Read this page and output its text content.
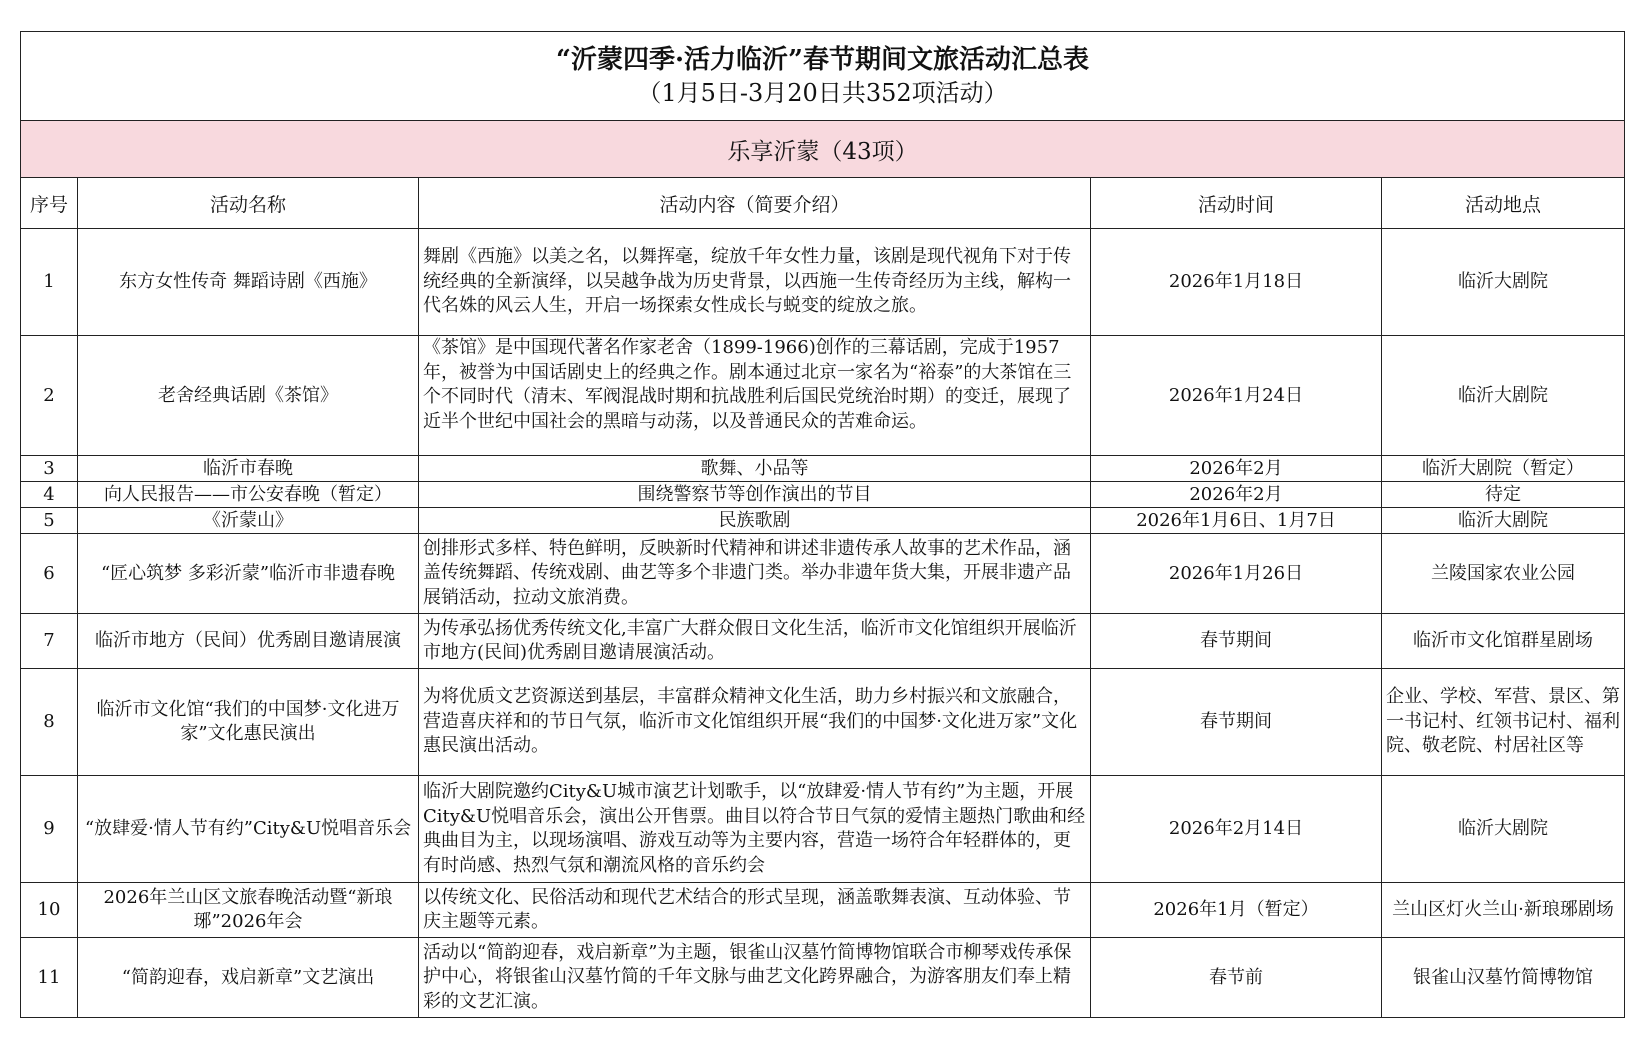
“沂蒙四季·活力临沂”春节期间文旅活动汇总表
（1月5日-3月20日共352项活动）				

乐享沂蒙（43项）				
序号	活动名称	活动内容（简要介绍）	活动时间	活动地点
1	东方女性传奇 舞蹈诗剧《西施》	舞剧《西施》以美之名，以舞挥毫，绽放千年女性力量，该剧是现代视角下对于传统经典的全新演绎，以吴越争战为历史背景，以西施一生传奇经历为主线，解构一代名姝的风云人生，开启一场探索女性成长与蜕变的绽放之旅。	2026年1月18日	临沂大剧院
2	老舍经典话剧《茶馆》	《茶馆》是中国现代著名作家老舍（1899-1966)创作的三幕话剧，完成于1957年，被誉为中国话剧史上的经典之作。剧本通过北京一家名为“裕泰”的大茶馆在三个不同时代（清末、军阀混战时期和抗战胜利后国民党统治时期）的变迁，展现了近半个世纪中国社会的黑暗与动荡，以及普通民众的苦难命运。	2026年1月24日	临沂大剧院
3	临沂市春晚	歌舞、小品等	2026年2月	临沂大剧院（暂定）
4	向人民报告——市公安春晚（暂定）	围绕警察节等创作演出的节目	2026年2月	待定
5	《沂蒙山》	民族歌剧	2026年1月6日、1月7日	临沂大剧院
6	“匠心筑梦 多彩沂蒙”临沂市非遗春晚	创排形式多样、特色鲜明，反映新时代精神和讲述非遗传承人故事的艺术作品，涵盖传统舞蹈、传统戏剧、曲艺等多个非遗门类。举办非遗年货大集，开展非遗产品展销活动，拉动文旅消费。	2026年1月26日	兰陵国家农业公园
7	临沂市地方（民间）优秀剧目邀请展演	为传承弘扬优秀传统文化,丰富广大群众假日文化生活，临沂市文化馆组织开展临沂市地方(民间)优秀剧目邀请展演活动。	春节期间	临沂市文化馆群星剧场
8	临沂市文化馆“我们的中国梦·文化进万家”文化惠民演出	为将优质文艺资源送到基层，丰富群众精神文化生活，助力乡村振兴和文旅融合，营造喜庆祥和的节日气氛，临沂市文化馆组织开展“我们的中国梦·文化进万家”文化惠民演出活动。	春节期间	企业、学校、军营、景区、第一书记村、红领书记村、福利院、敬老院、村居社区等
9	“放肆爱·情人节有约”City&U悦唱音乐会	临沂大剧院邀约City&U城市演艺计划歌手，以“放肆爱·情人节有约”为主题，开展City&U悦唱音乐会，演出公开售票。曲目以符合节日气氛的爱情主题热门歌曲和经典曲目为主，以现场演唱、游戏互动等为主要内容，营造一场符合年轻群体的，更有时尚感、热烈气氛和潮流风格的音乐约会	2026年2月14日	临沂大剧院
10	2026年兰山区文旅春晚活动暨“新琅琊”2026年会	以传统文化、民俗活动和现代艺术结合的形式呈现，涵盖歌舞表演、互动体验、节庆主题等元素。	2026年1月（暂定）	兰山区灯火兰山·新琅琊剧场
11	“简韵迎春，戏启新章”文艺演出	活动以“简韵迎春，戏启新章”为主题，银雀山汉墓竹简博物馆联合市柳琴戏传承保护中心，将银雀山汉墓竹简的千年文脉与曲艺文化跨界融合，为游客朋友们奉上精彩的文艺汇演。	春节前	银雀山汉墓竹简博物馆
